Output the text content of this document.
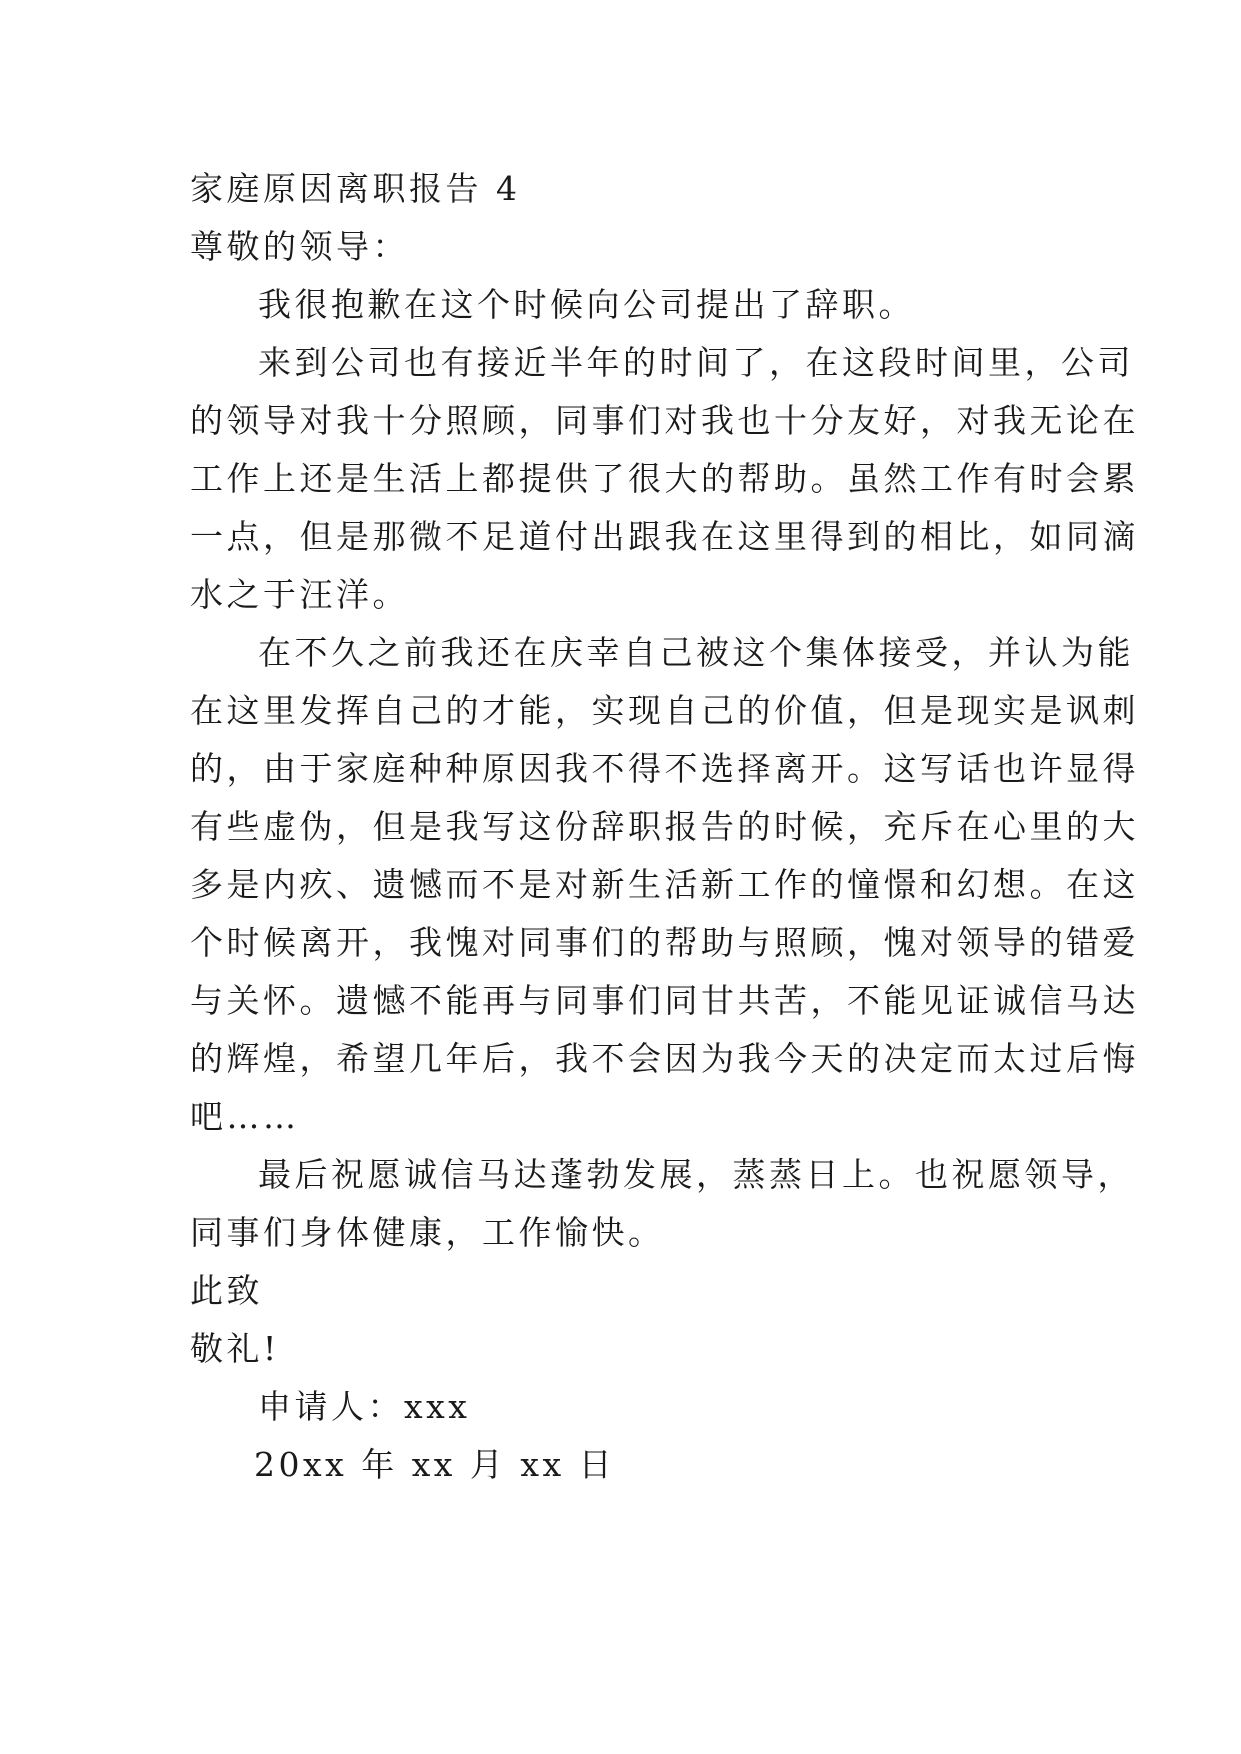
家庭原因离职报告 4
尊敬的领导：
我很抱歉在这个时候向公司提出了辞职。
来到公司也有接近半年的时间了，在这段时间里，公司
的领导对我十分照顾，同事们对我也十分友好，对我无论在
工作上还是生活上都提供了很大的帮助。虽然工作有时会累
一点，但是那微不足道付出跟我在这里得到的相比，如同滴
水之于汪洋。
在不久之前我还在庆幸自己被这个集体接受，并认为能
在这里发挥自己的才能，实现自己的价值，但是现实是讽刺
的，由于家庭种种原因我不得不选择离开。这写话也许显得
有些虚伪，但是我写这份辞职报告的时候，充斥在心里的大
多是内疚、遗憾而不是对新生活新工作的憧憬和幻想。在这
个时候离开，我愧对同事们的帮助与照顾，愧对领导的错爱
与关怀。遗憾不能再与同事们同甘共苦，不能见证诚信马达
的辉煌，希望几年后，我不会因为我今天的决定而太过后悔
吧……
最后祝愿诚信马达蓬勃发展，蒸蒸日上。也祝愿领导，
同事们身体健康，工作愉快。
此致
敬礼!
申请人：xxx
20xx 年 xx 月 xx 日
